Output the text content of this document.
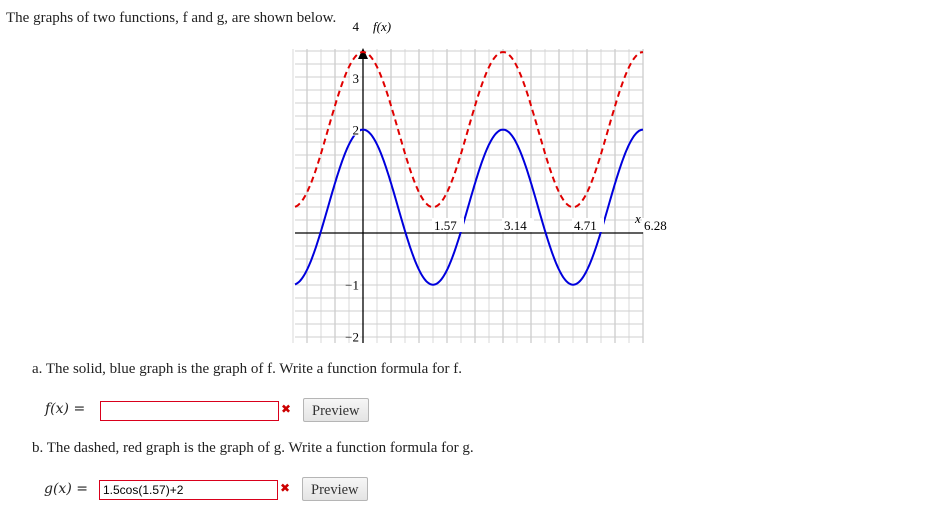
The graphs of two functions, f and g, are shown below.
1.57	3.14	4.71	6.28
4
3
2
−1
−2
f(x)
x
a. The solid, blue graph is the graph of f. Write a function formula for f.
f(x) =	✖	Preview
b. The dashed, red graph is the graph of g. Write a function formula for g.
g(x) =	1.5cos(1.57)+2	✖	Preview
